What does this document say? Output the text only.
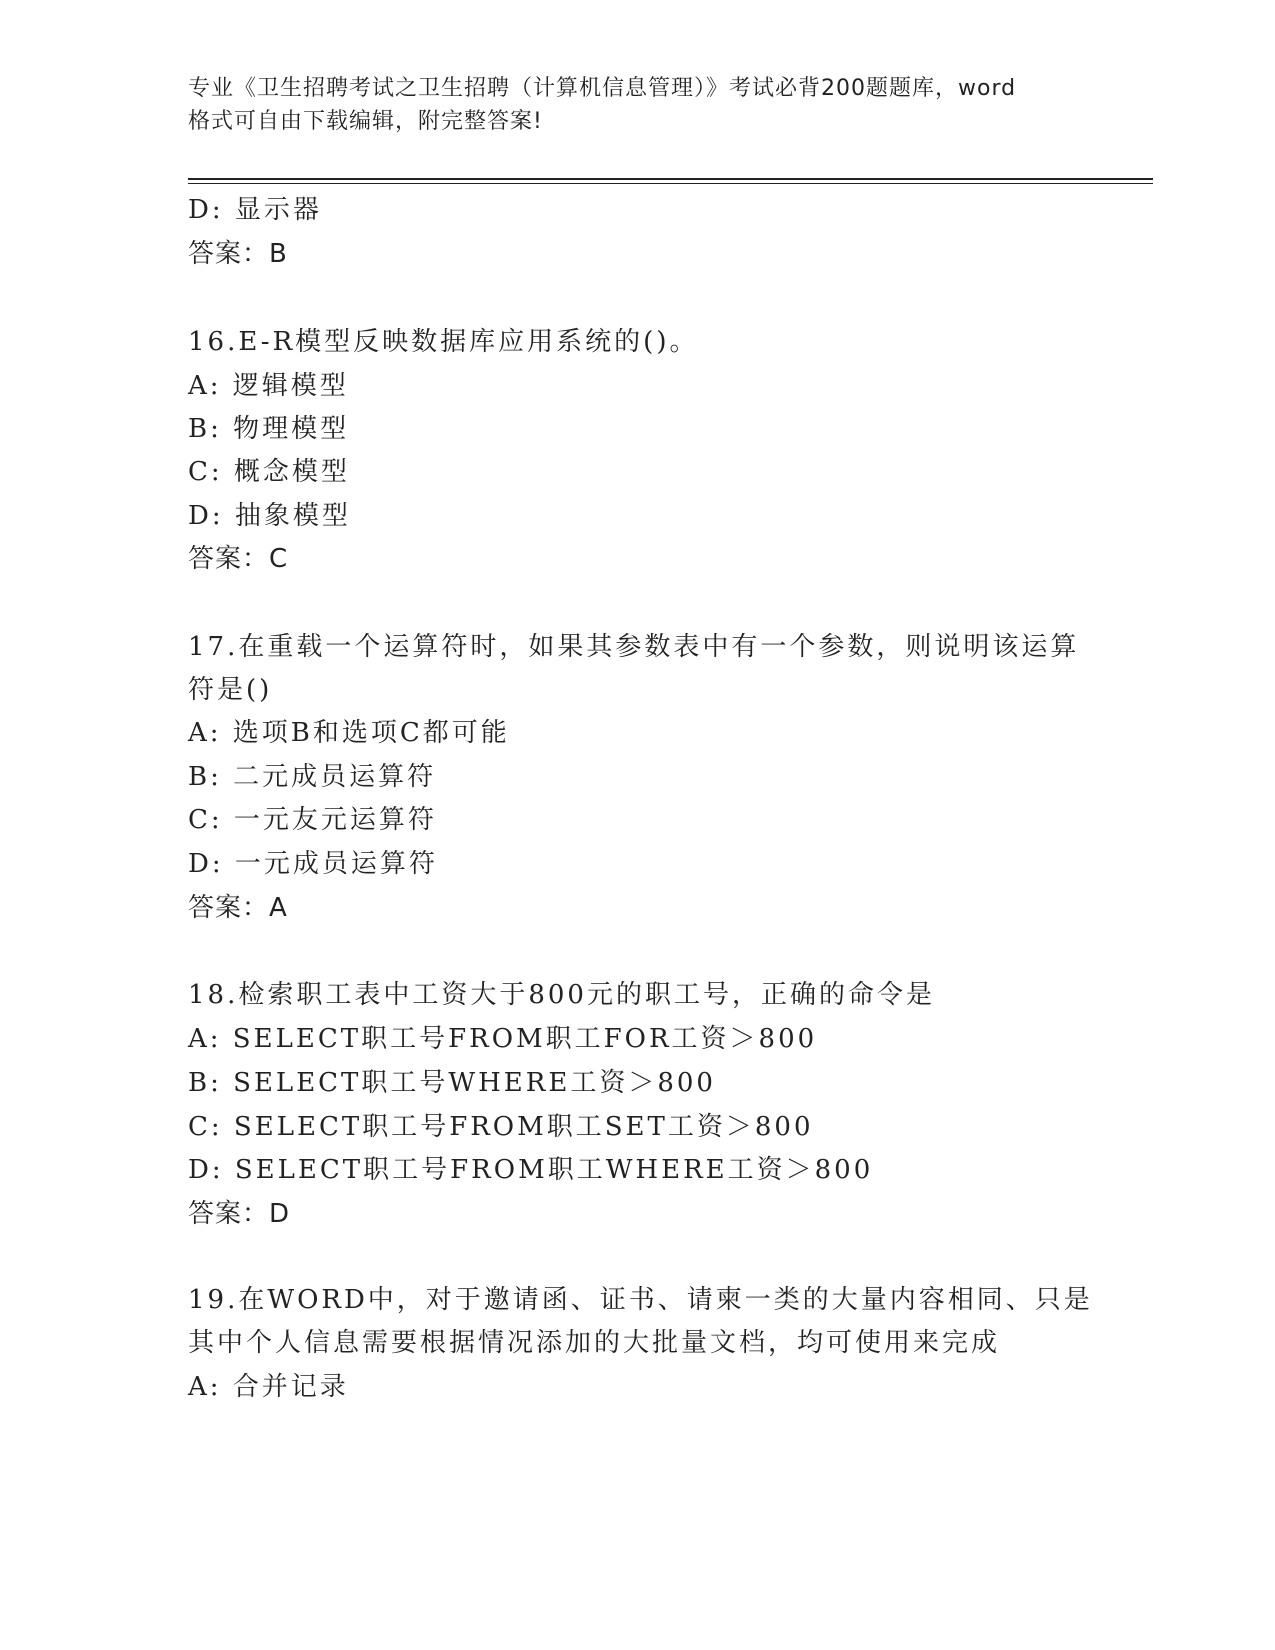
专业《卫生招聘考试之卫生招聘（计算机信息管理）》考试必背200题题库，word
格式可自由下载编辑，附完整答案!
D: 显示器
答案：B
16.E-R模型反映数据库应用系统的()。
A: 逻辑模型
B: 物理模型
C: 概念模型
D: 抽象模型
答案：C
17.在重载一个运算符时，如果其参数表中有一个参数，则说明该运算
符是()
A: 选项B和选项C都可能
B: 二元成员运算符
C: 一元友元运算符
D: 一元成员运算符
答案：A
18.检索职工表中工资大于800元的职工号，正确的命令是
A: SELECT职工号FROM职工FOR工资＞800
B: SELECT职工号WHERE工资＞800
C: SELECT职工号FROM职工SET工资＞800
D: SELECT职工号FROM职工WHERE工资＞800
答案：D
19.在WORD中，对于邀请函、证书、请柬一类的大量内容相同、只是
其中个人信息需要根据情况添加的大批量文档，均可使用来完成
A: 合并记录
